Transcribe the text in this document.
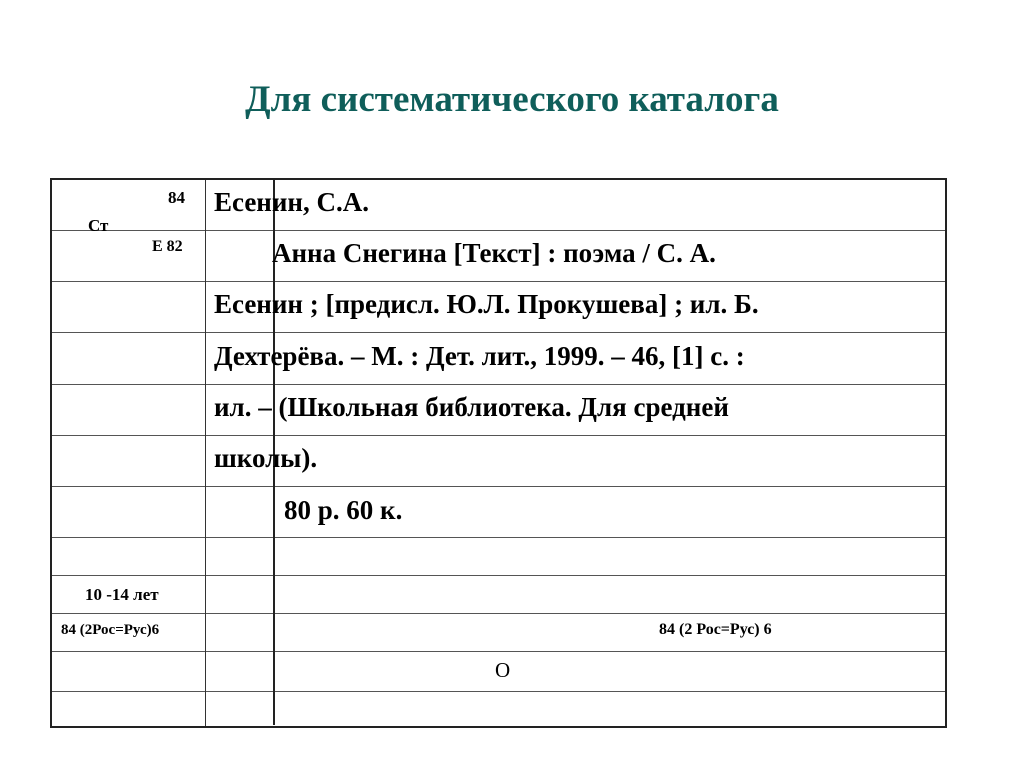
Для систематического каталога
84
Ст
Е 82
10 -14 лет
84 (2Рос=Рус)6
Есенин, С.А.
Анна Снегина [Текст] : поэма / С. А.
Есенин ; [предисл. Ю.Л. Прокушева] ; ил. Б.
Дехтерёва. – М. : Дет. лит., 1999. – 46, [1] с. :
ил. – (Школьная библиотека. Для средней
школы).
80 р. 60 к.
84 (2 Рос=Рус) 6
О
